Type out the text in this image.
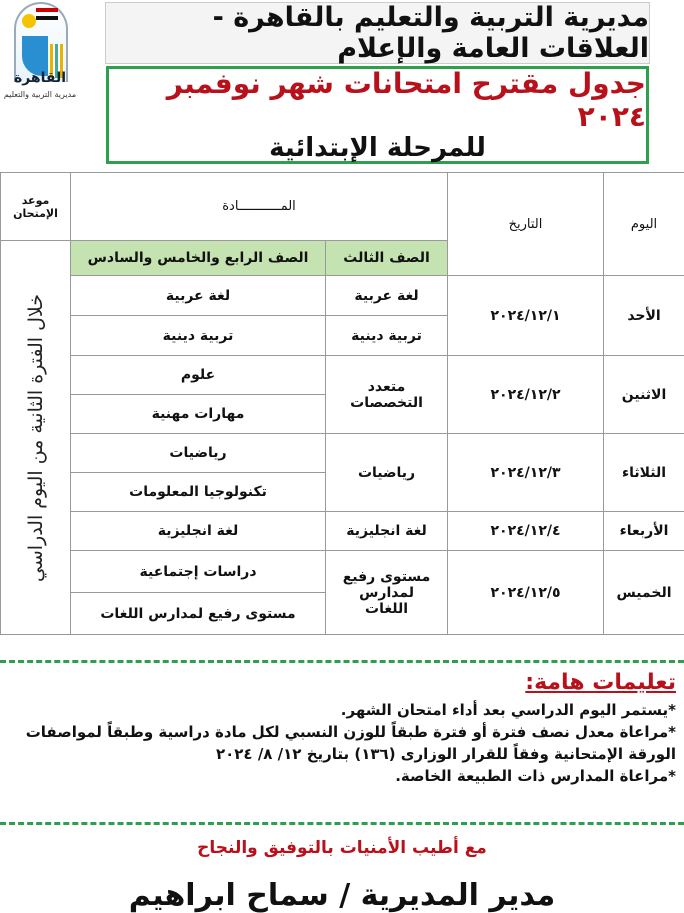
القاهرة
مديرية التربية والتعليم
مديرية التربية والتعليم بالقاهرة - العلاقات العامة والإعلام
جدول مقترح امتحانات شهر نوفمبر ٢٠٢٤
للمرحلة الإبتدائية
اليوم	التاريخ	المـــــــــــادة		موعد الإمتحان
		الصف الثالث	الصف الرابع والخامس والسادس	خلال الفترة الثانية من اليوم الدراسي

الأحد	٢٠٢٤/١٢/١	لغة عربية	لغة عربية	
		تربية دينية	تربية دينية	
الاثنين	٢٠٢٤/١٢/٢	متعدد التخصصات	علوم	
			مهارات مهنية	
الثلاثاء	٢٠٢٤/١٢/٣	رياضيات	رياضيات	
			تكنولوجيا المعلومات	
الأربعاء	٢٠٢٤/١٢/٤	لغة انجليزية	لغة انجليزية	
الخميس	٢٠٢٤/١٢/٥	مستوى رفيع لمدارس اللغات	دراسات إجتماعية	
			مستوى رفيع لمدارس اللغات	
تعليمات هامة:

*يستمر اليوم الدراسي بعد أداء امتحان الشهر.

*مراعاة معدل نصف فترة أو فترة طبقاً للوزن النسبي لكل مادة دراسية وطبقاً لمواصفات الورقة الإمتحانية وفقاً للقرار الوزارى (١٣٦) بتاريخ ١٢/ ٨/ ٢٠٢٤

*مراعاة المدارس ذات الطبيعة الخاصة.

مع أطيب الأمنيات بالتوفيق والنجاح
مدير المديرية / سماح ابراهيم
